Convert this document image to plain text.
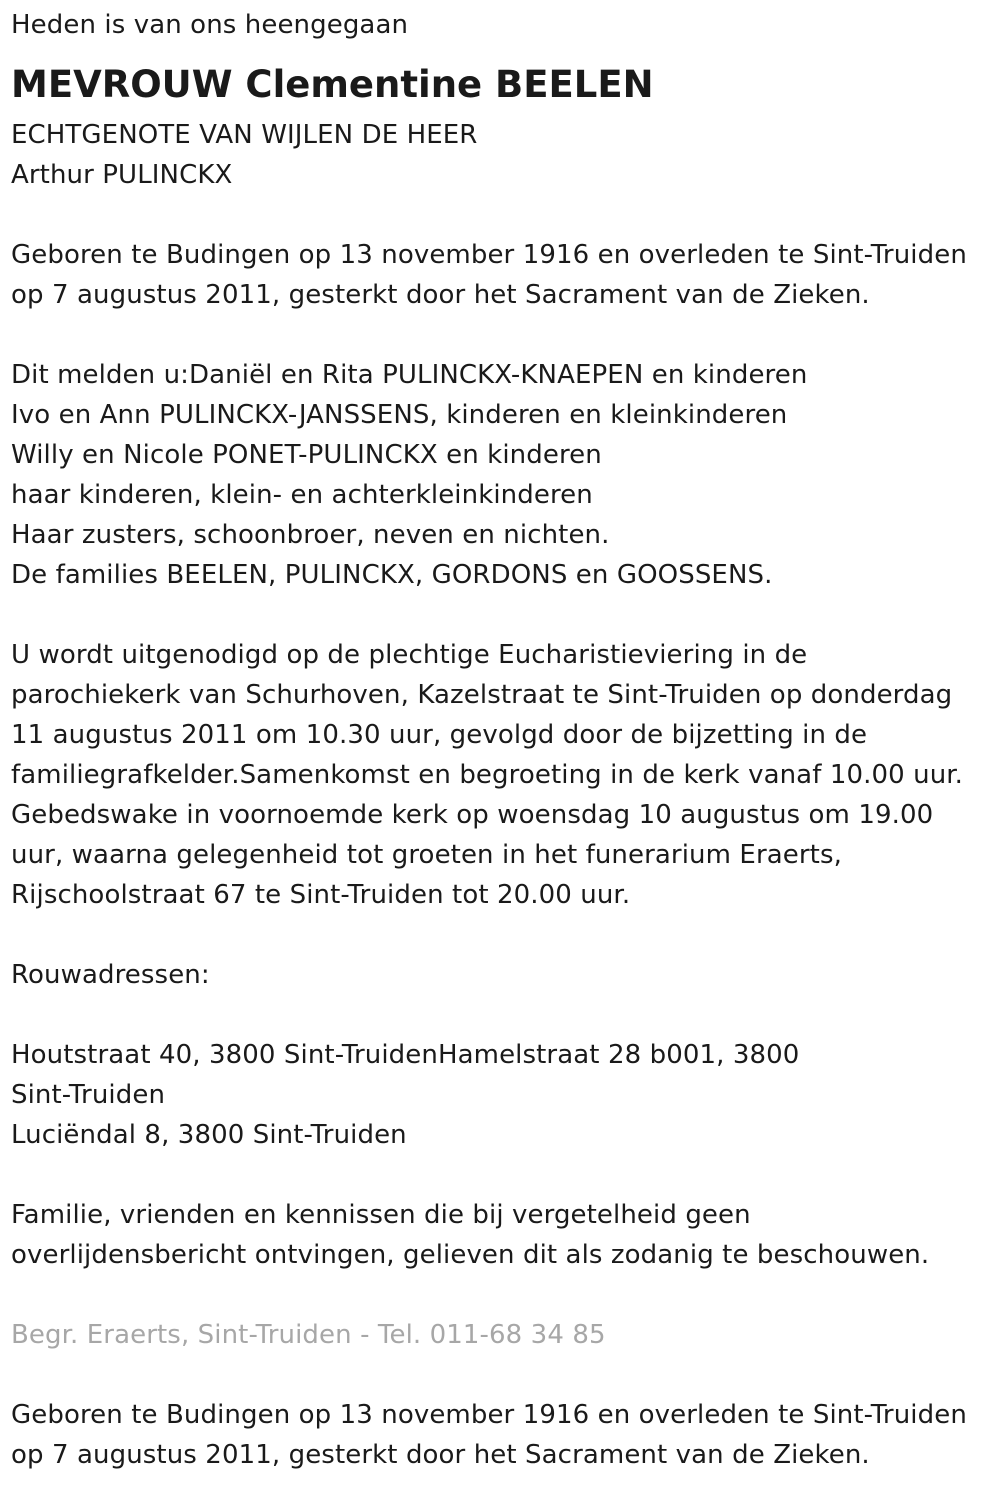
Heden is van ons heengegaan
MEVROUW Clementine BEELEN
ECHTGENOTE VAN WIJLEN DE HEER
Arthur PULINCKX
Geboren te Budingen op 13 november 1916 en overleden te Sint-Truiden
op 7 augustus 2011, gesterkt door het Sacrament van de Zieken.
Dit melden u:Daniël en Rita PULINCKX-KNAEPEN en kinderen
Ivo en Ann PULINCKX-JANSSENS, kinderen en kleinkinderen
Willy en Nicole PONET-PULINCKX en kinderen
haar kinderen, klein- en achterkleinkinderen
Haar zusters, schoonbroer, neven en nichten.
De families BEELEN, PULINCKX, GORDONS en GOOSSENS.
U wordt uitgenodigd op de plechtige Eucharistieviering in de
parochiekerk van Schurhoven, Kazelstraat te Sint-Truiden op donderdag
11 augustus 2011 om 10.30 uur, gevolgd door de bijzetting in de
familiegrafkelder.Samenkomst en begroeting in de kerk vanaf 10.00 uur.
Gebedswake in voornoemde kerk op woensdag 10 augustus om 19.00
uur, waarna gelegenheid tot groeten in het funerarium Eraerts,
Rijschoolstraat 67 te Sint-Truiden tot 20.00 uur.
Rouwadressen:
Houtstraat 40, 3800 Sint-TruidenHamelstraat 28 b001, 3800
Sint-Truiden
Luciëndal 8, 3800 Sint-Truiden
Familie, vrienden en kennissen die bij vergetelheid geen
overlijdensbericht ontvingen, gelieven dit als zodanig te beschouwen.
Begr. Eraerts, Sint-Truiden - Tel. 011-68 34 85
Geboren te Budingen op 13 november 1916 en overleden te Sint-Truiden
op 7 augustus 2011, gesterkt door het Sacrament van de Zieken.
